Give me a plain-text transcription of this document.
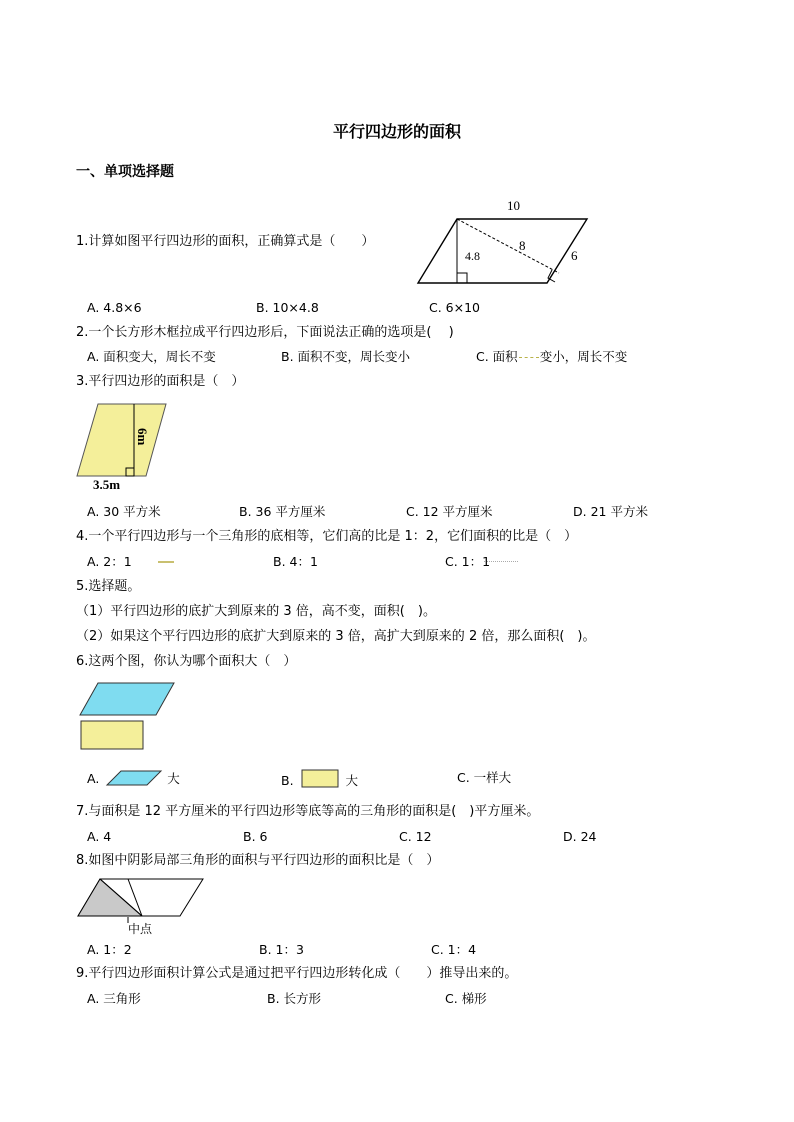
平行四边形的面积
一、单项选择题
1.计算如图平行四边形的面积，正确算式是（　　）
10
4.8
8
6
A. 4.8×6	B. 10×4.8	C. 6×10
2.一个长方形木框拉成平行四边形后，下面说法正确的选项是(　 )
A. 面积变大，周长不变	B. 面积不变，周长变小	C. 面积 变小，周长不变
3.平行四边形的面积是（　）
6m
3.5m
A. 30 平方米	B. 36 平方厘米	C. 12 平方厘米	D. 21 平方米
4.一个平行四边形与一个三角形的底相等，它们高的比是 1：2，它们面积的比是（　）
A. 2：1	B. 4：1	C. 1：1
5.选择题。
（1）平行四边形的底扩大到原来的 3 倍，高不变，面积(　)。
（2）如果这个平行四边形的底扩大到原来的 3 倍，高扩大到原来的 2 倍，那么面积(　)。
6.这两个图，你认为哪个面积大（　）
A.	大	B.	大	C. 一样大
7.与面积是 12 平方厘米的平行四边形等底等高的三角形的面积是(　)平方厘米。
A. 4	B. 6	C. 12	D. 24
8.如图中阴影局部三角形的面积与平行四边形的面积比是（　）
中点
A. 1：2	B. 1：3	C. 1：4
9.平行四边形面积计算公式是通过把平行四边形转化成（　　）推导出来的。
A. 三角形	B. 长方形	C. 梯形
